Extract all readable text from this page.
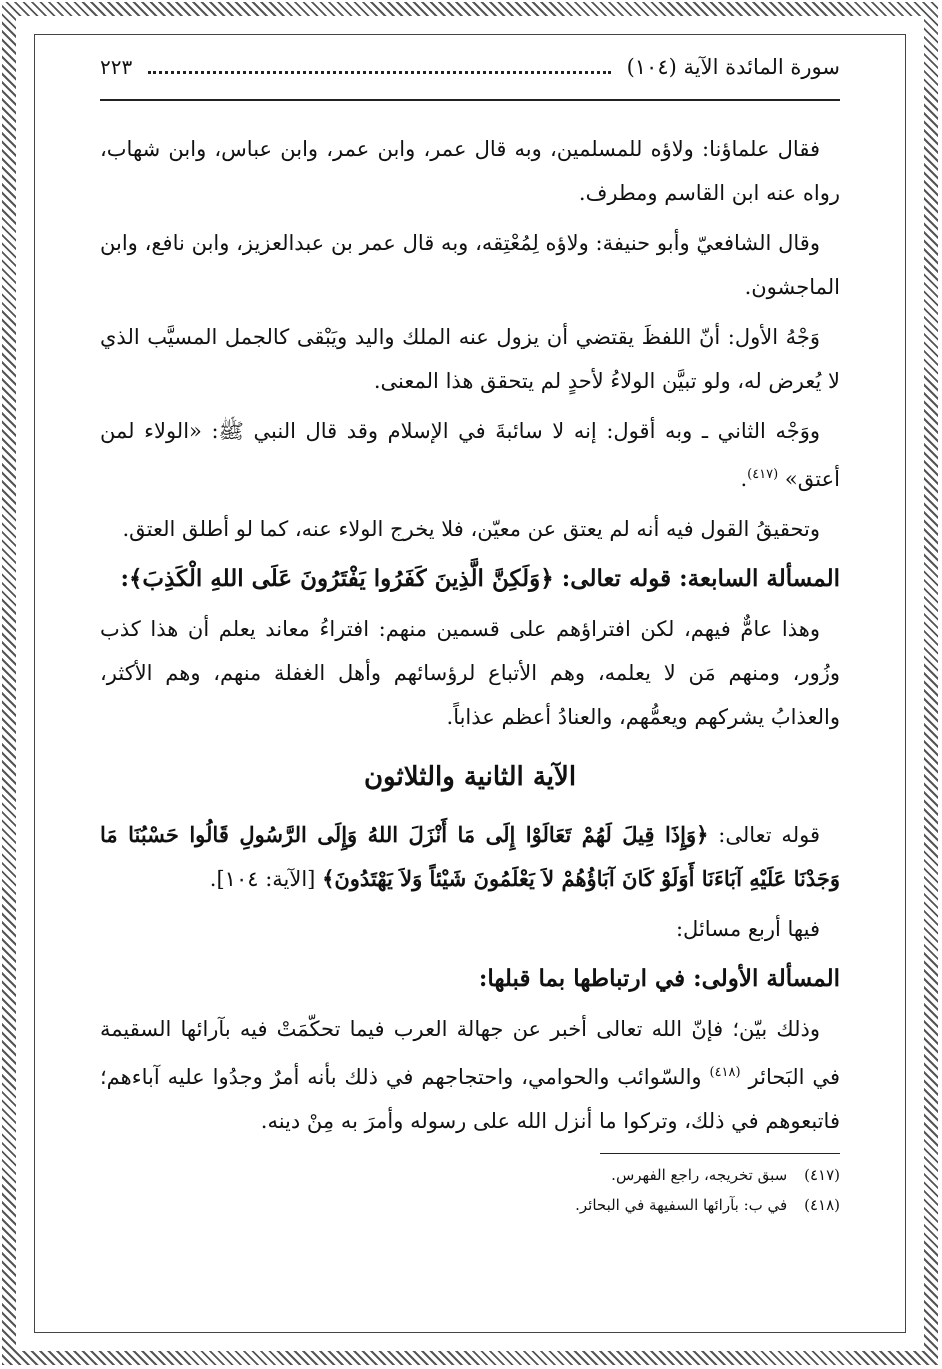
سورة المائدة الآية (١٠٤)
٢٢٣

فقال علماؤنا: ولاؤه للمسلمين، وبه قال عمر، وابن عمر، وابن عباس، وابن شهاب، رواه عنه ابن القاسم ومطرف.

وقال الشافعيّ وأبو حنيفة: ولاؤه لِمُعْتِقه، وبه قال عمر بن عبدالعزيز، وابن نافع، وابن الماجشون.

وَجْهُ الأول: أنّ اللفظَ يقتضي أن يزول عنه الملك واليد ويَبْقى كالجمل المسيَّب الذي لا يُعرض له، ولو تبيَّن الولاءُ لأحدٍ لم يتحقق هذا المعنى.

ووَجْه الثاني ـ وبه أقول: إنه لا سائبةَ في الإسلام وقد قال النبي ﷺ: «الولاء لمن أعتق» $^{(٤١٧)}$.

وتحقيقُ القول فيه أنه لم يعتق عن معيّن، فلا يخرج الولاء عنه، كما لو أطلق العتق.

المسألة السابعة: قوله تعالى: ﴿وَلَكِنَّ الَّذِينَ كَفَرُوا يَفْتَرُونَ عَلَى اللهِ الْكَذِبَ﴾:

وهذا عامٌّ فيهم، لكن افتراؤهم على قسمين منهم: افتراءُ معاند يعلم أن هذا كذب وزُور، ومنهم مَن لا يعلمه، وهم الأتباع لرؤسائهم وأهل الغفلة منهم، وهم الأكثر، والعذابُ يشركهم ويعمُّهم، والعنادُ أعظم عذاباً.

الآية الثانية والثلاثون

قوله تعالى: ﴿وَإِذَا قِيلَ لَهُمْ تَعَالَوْا إِلَى مَا أَنْزَلَ اللهُ وَإِلَى الرَّسُولِ قَالُوا حَسْبُنَا مَا وَجَدْنَا عَلَيْهِ آبَاءَنَا أَوَلَوْ كَانَ آبَاؤُهُمْ لاَ يَعْلَمُونَ شَيْئاً وَلاَ يَهْتَدُونَ﴾ [الآية: ١٠٤].

فيها أربع مسائل:

المسألة الأولى: في ارتباطها بما قبلها:

وذلك بيّن؛ فإنّ الله تعالى أخبر عن جهالة العرب فيما تحكّمَتْ فيه بآرائها السقيمة في البَحائر $^{(٤١٨)}$ والسّوائب والحوامي، واحتجاجهم في ذلك بأنه أمرٌ وجدُوا عليه آباءهم؛ فاتبعوهم في ذلك، وتركوا ما أنزل الله على رسوله وأمرَ به مِنْ دينه.

(٤١٧) سبق تخريجه، راجع الفهرس.
(٤١٨) في ب: بآرائها السفيهة في البحائر.
